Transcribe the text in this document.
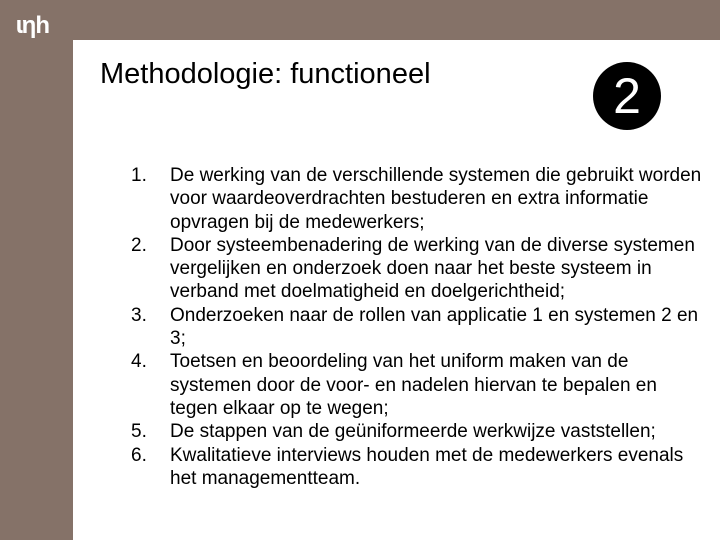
ɩηh
Methodologie: functioneel	2
1. De werking van de verschillende systemen die gebruikt worden voor waardeoverdrachten bestuderen en extra informatie opvragen bij de medewerkers;
2. Door systeembenadering de werking van de diverse systemen vergelijken en onderzoek doen naar het beste systeem in verband met doelmatigheid en doelgerichtheid;
3. Onderzoeken naar de rollen van applicatie 1 en systemen 2 en 3;
4. Toetsen en beoordeling van het uniform maken van de systemen door de voor- en nadelen hiervan te bepalen en tegen elkaar op te wegen;
5. De stappen van de geüniformeerde werkwijze vaststellen;
6. Kwalitatieve interviews houden met de medewerkers evenals het managementteam.
